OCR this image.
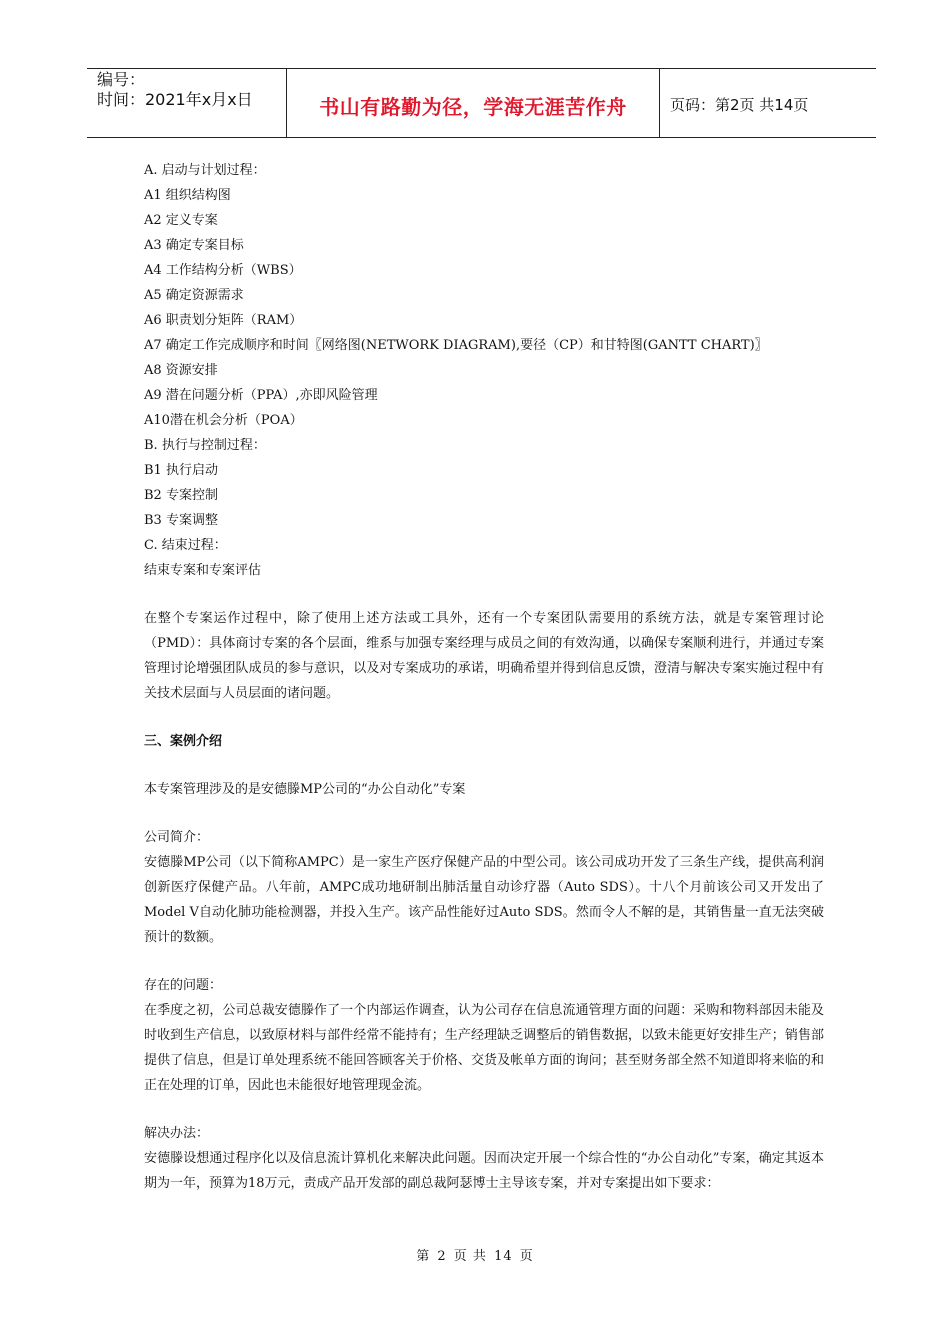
编号：
时间：2021年x月x日	书山有路勤为径，学海无涯苦作舟	页码：第2页 共14页
A. 启动与计划过程：
A1 组织结构图
A2 定义专案
A3 确定专案目标
A4 工作结构分析（WBS）
A5 确定资源需求
A6 职责划分矩阵（RAM）
A7 确定工作完成顺序和时间〖网络图(NETWORK DIAGRAM),要径（CP）和甘特图(GANTT CHART)〗
A8 资源安排
A9 潜在问题分析（PPA）,亦即风险管理
A10潜在机会分析（POA）
B. 执行与控制过程：
B1 执行启动
B2 专案控制
B3 专案调整
C. 结束过程：
结束专案和专案评估
在整个专案运作过程中，除了使用上述方法或工具外，还有一个专案团队需要用的系统方法，就是专案管理讨论（PMD）：具体商讨专案的各个层面，维系与加强专案经理与成员之间的有效沟通，以确保专案顺利进行，并通过专案管理讨论增强团队成员的参与意识，以及对专案成功的承诺，明确希望并得到信息反馈，澄清与解决专案实施过程中有关技术层面与人员层面的诸问题。
三、案例介绍
本专案管理涉及的是安德滕MP公司的“办公自动化”专案
公司简介：
安德滕MP公司（以下简称AMPC）是一家生产医疗保健产品的中型公司。该公司成功开发了三条生产线，提供高利润创新医疗保健产品。八年前，AMPC成功地研制出肺活量自动诊疗器（Auto SDS）。十八个月前该公司又开发出了Model V自动化肺功能检测器，并投入生产。该产品性能好过Auto SDS。然而令人不解的是，其销售量一直无法突破预计的数额。
存在的问题：
在季度之初，公司总裁安德滕作了一个内部运作调查，认为公司存在信息流通管理方面的问题：采购和物料部因未能及时收到生产信息，以致原材料与部件经常不能持有；生产经理缺乏调整后的销售数据，以致未能更好安排生产；销售部提供了信息，但是订单处理系统不能回答顾客关于价格、交货及帐单方面的询问；甚至财务部全然不知道即将来临的和正在处理的订单，因此也未能很好地管理现金流。
解决办法：
安德滕设想通过程序化以及信息流计算机化来解决此问题。因而决定开展一个综合性的“办公自动化”专案，确定其返本期为一年，预算为18万元，责成产品开发部的副总裁阿瑟博士主导该专案，并对专案提出如下要求：
第 2 页 共 14 页
